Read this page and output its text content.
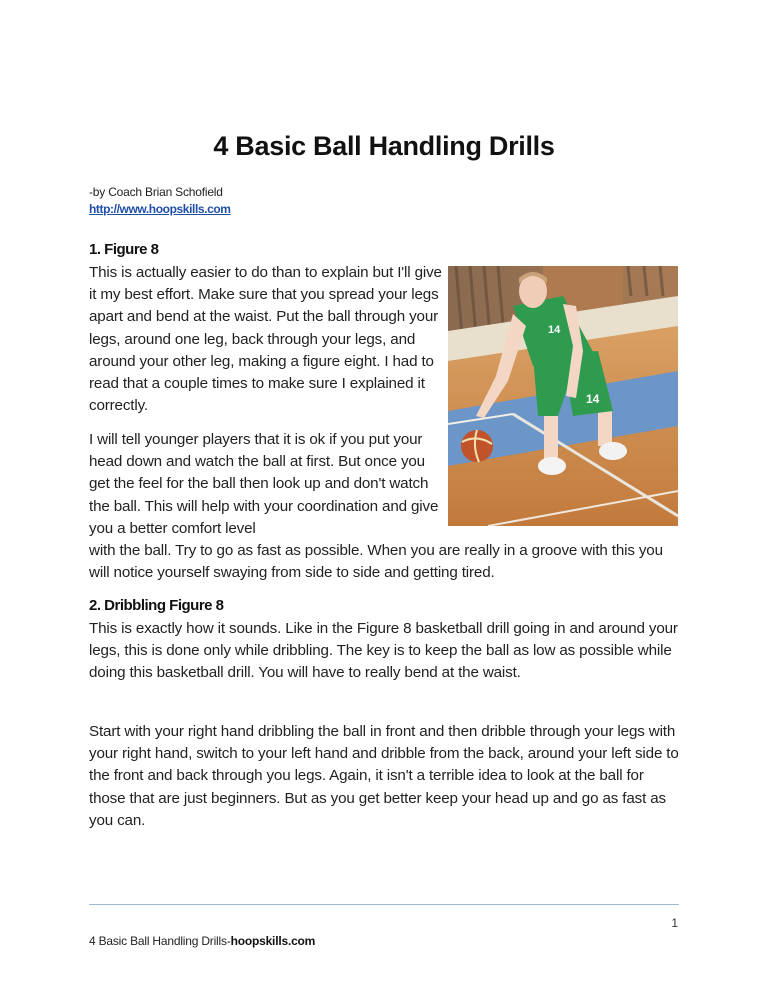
4 Basic Ball Handling Drills
-by Coach Brian Schofield
http://www.hoopskills.com
1. Figure 8

This is actually easier to do than to explain but I'll give it my best effort. Make sure that you spread your legs apart and bend at the waist. Put the ball through your legs, around one leg, back through your legs, and around your other leg, making a figure eight. I had to read that a couple times to make sure I explained it correctly.

I will tell younger players that it is ok if you put your head down and watch the ball at first. But once you get the feel for the ball then look up and don't watch the ball. This will help with your coordination and give you a better comfort level
with the ball. Try to go as fast as possible. When you are really in a groove with this you will notice yourself swaying from side to side and getting tired.

14
14
2. Dribbling Figure 8

This is exactly how it sounds. Like in the Figure 8 basketball drill going in and around your legs, this is done only while dribbling. The key is to keep the ball as low as possible while doing this basketball drill. You will have to really bend at the waist.

Start with your right hand dribbling the ball in front and then dribble through your legs with your right hand, switch to your left hand and dribble from the back, around your left side to the front and back through you legs. Again, it isn't a terrible idea to look at the ball for those that are just beginners. But as you get better keep your head up and go as fast as you can.

1
4 Basic Ball Handling Drills-hoopskills.com
